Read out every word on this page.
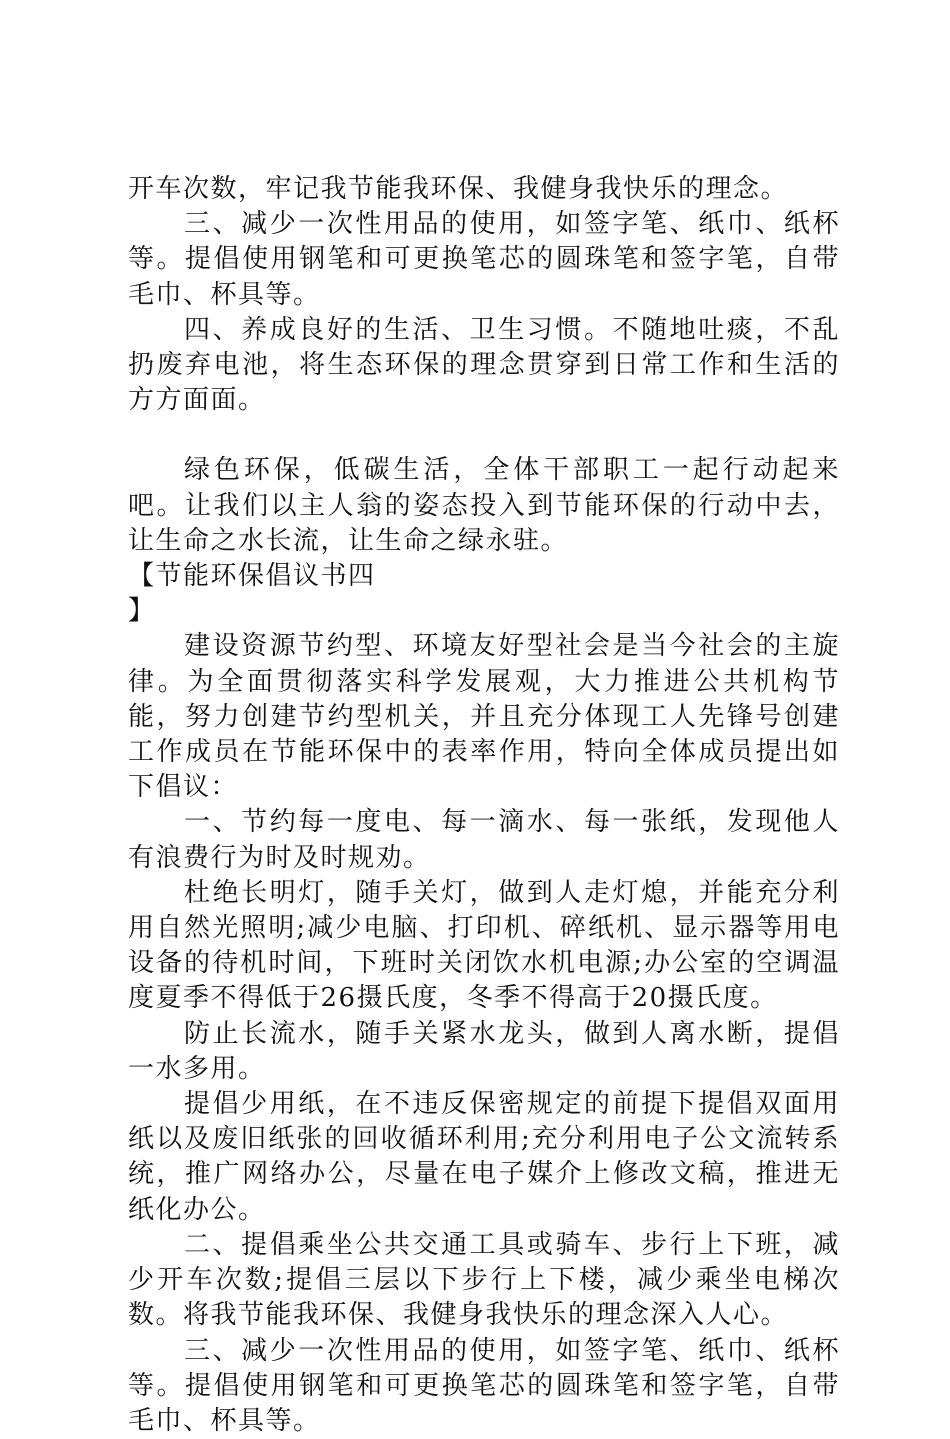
开车次数，牢记我节能我环保、我健身我快乐的理念。

三、减少一次性用品的使用，如签字笔、纸巾、纸杯等。提倡使用钢笔和可更换笔芯的圆珠笔和签字笔，自带毛巾、杯具等。

四、养成良好的生活、卫生习惯。不随地吐痰，不乱扔废弃电池，将生态环保的理念贯穿到日常工作和生活的方方面面。

绿色环保，低碳生活，全体干部职工一起行动起来吧。让我们以主人翁的姿态投入到节能环保的行动中去，让生命之水长流，让生命之绿永驻。

【节能环保倡议书四

】

建设资源节约型、环境友好型社会是当今社会的主旋律。为全面贯彻落实科学发展观，大力推进公共机构节能，努力创建节约型机关，并且充分体现工人先锋号创建工作成员在节能环保中的表率作用，特向全体成员提出如下倡议：

一、节约每一度电、每一滴水、每一张纸，发现他人有浪费行为时及时规劝。

杜绝长明灯，随手关灯，做到人走灯熄，并能充分利用自然光照明;减少电脑、打印机、碎纸机、显示器等用电设备的待机时间，下班时关闭饮水机电源;办公室的空调温度夏季不得低于26摄氏度，冬季不得高于20摄氏度。

防止长流水，随手关紧水龙头，做到人离水断，提倡一水多用。

提倡少用纸，在不违反保密规定的前提下提倡双面用纸以及废旧纸张的回收循环利用;充分利用电子公文流转系统，推广网络办公，尽量在电子媒介上修改文稿，推进无纸化办公。

二、提倡乘坐公共交通工具或骑车、步行上下班，减少开车次数;提倡三层以下步行上下楼，减少乘坐电梯次数。将我节能我环保、我健身我快乐的理念深入人心。

三、减少一次性用品的使用，如签字笔、纸巾、纸杯等。提倡使用钢笔和可更换笔芯的圆珠笔和签字笔，自带毛巾、杯具等。
